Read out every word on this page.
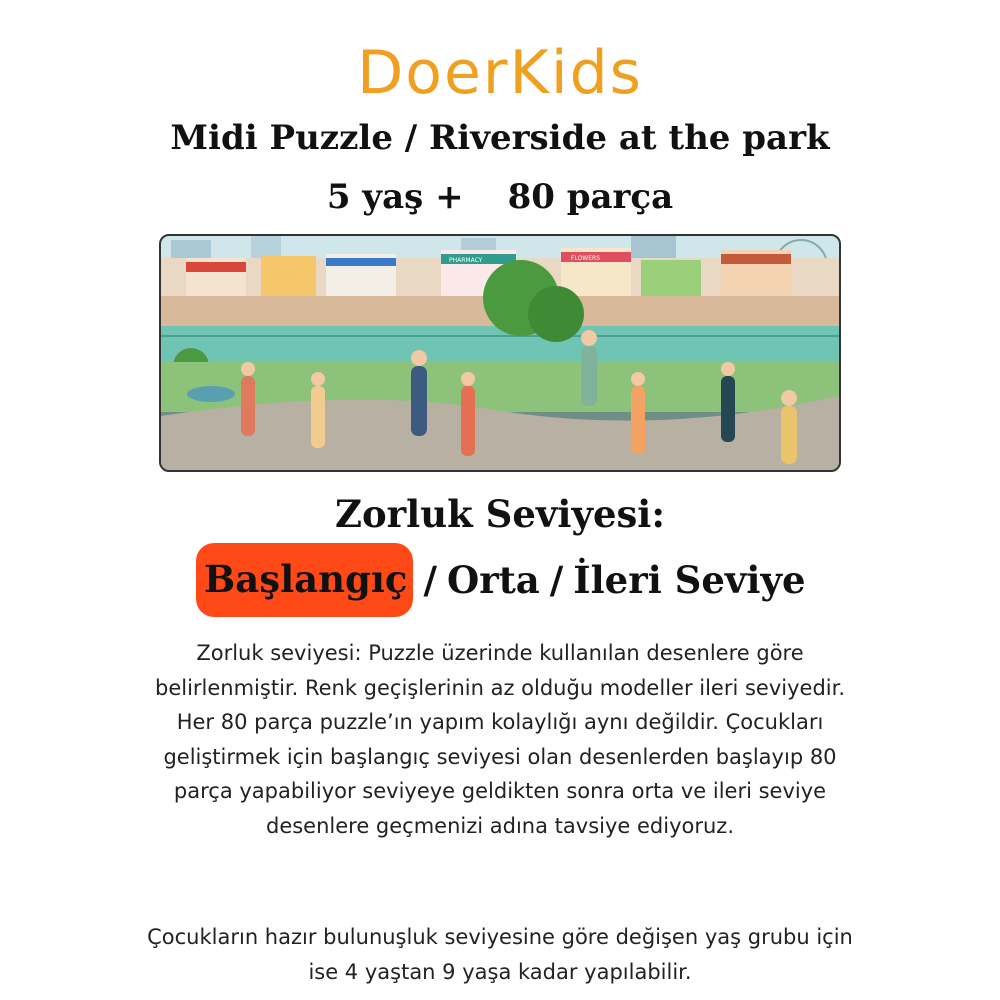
DoerKids
Midi Puzzle / Riverside at the park
5 yaş + 80 parça
FLOWERS
PHARMACY
Zorluk Seviyesi:
Başlangıç / Orta / İleri Seviye
Zorluk seviyesi: Puzzle üzerinde kullanılan desenlere göre belirlenmiştir. Renk geçişlerinin az olduğu modeller ileri seviyedir. Her 80 parça puzzle’ın yapım kolaylığı aynı değildir. Çocukları geliştirmek için başlangıç seviyesi olan desenlerden başlayıp 80 parça yapabiliyor seviyeye geldikten sonra orta ve ileri seviye desenlere geçmenizi adına tavsiye ediyoruz.
Çocukların hazır bulunuşluk seviyesine göre değişen yaş grubu için ise 4 yaştan 9 yaşa kadar yapılabilir.
